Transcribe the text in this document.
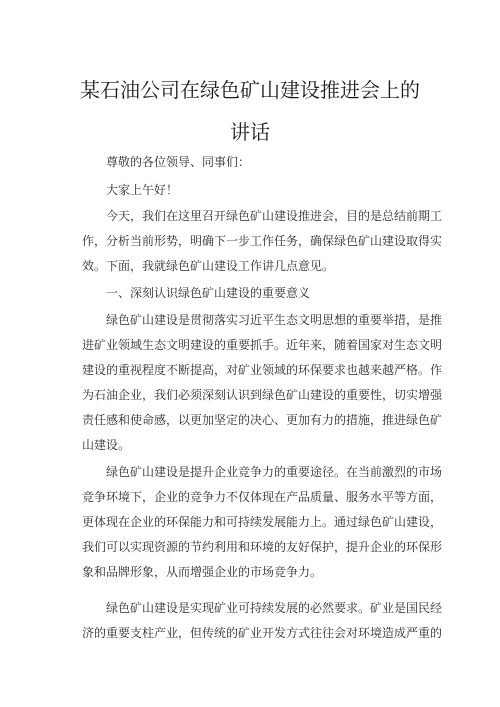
某石油公司在绿色矿山建设推进会上的
讲话
尊敬的各位领导、同事们：
大家上午好！
今天，我们在这里召开绿色矿山建设推进会，目的是总结前期工
作，分析当前形势，明确下一步工作任务，确保绿色矿山建设取得实
效。下面，我就绿色矿山建设工作讲几点意见。
一、深刻认识绿色矿山建设的重要意义
绿色矿山建设是贯彻落实习近平生态文明思想的重要举措，是推
进矿业领域生态文明建设的重要抓手。近年来，随着国家对生态文明
建设的重视程度不断提高，对矿业领域的环保要求也越来越严格。作
为石油企业，我们必须深刻认识到绿色矿山建设的重要性，切实增强
责任感和使命感，以更加坚定的决心、更加有力的措施，推进绿色矿
山建设。
绿色矿山建设是提升企业竞争力的重要途径。在当前激烈的市场
竞争环境下，企业的竞争力不仅体现在产品质量、服务水平等方面，
更体现在企业的环保能力和可持续发展能力上。通过绿色矿山建设，
我们可以实现资源的节约利用和环境的友好保护，提升企业的环保形
象和品牌形象，从而增强企业的市场竞争力。
绿色矿山建设是实现矿业可持续发展的必然要求。矿业是国民经
济的重要支柱产业，但传统的矿业开发方式往往会对环境造成严重的
